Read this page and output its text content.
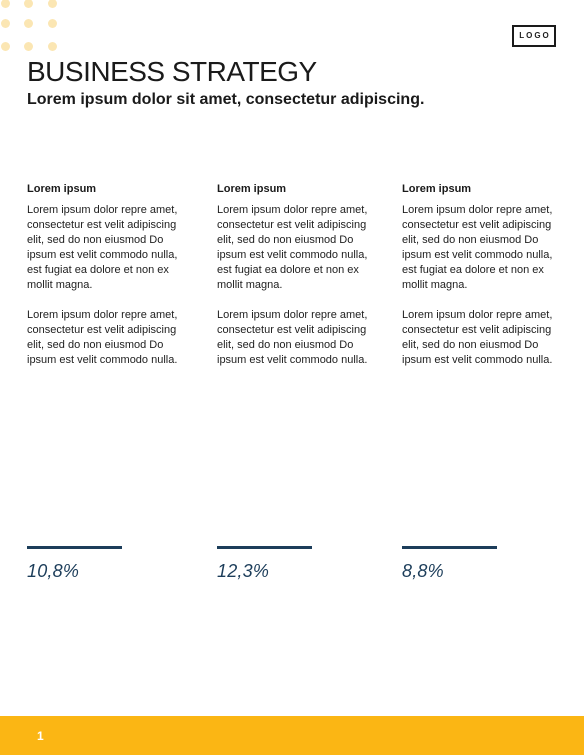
LOGO
BUSINESS STRATEGY
Lorem ipsum dolor sit amet, consectetur adipiscing.
Lorem ipsum

Lorem ipsum dolor repre amet, consectetur est velit adipiscing elit, sed do non eiusmod Do ipsum est velit commodo nulla, est fugiat ea dolore et non ex mollit magna.

Lorem ipsum dolor repre amet, consectetur est velit adipiscing elit, sed do non eiusmod Do ipsum est velit commodo nulla.

Lorem ipsum

Lorem ipsum dolor repre amet, consectetur est velit adipiscing elit, sed do non eiusmod Do ipsum est velit commodo nulla, est fugiat ea dolore et non ex mollit magna.

Lorem ipsum dolor repre amet, consectetur est velit adipiscing elit, sed do non eiusmod Do ipsum est velit commodo nulla.

Lorem ipsum

Lorem ipsum dolor repre amet, consectetur est velit adipiscing elit, sed do non eiusmod Do ipsum est velit commodo nulla, est fugiat ea dolore et non ex mollit magna.

Lorem ipsum dolor repre amet, consectetur est velit adipiscing elit, sed do non eiusmod Do ipsum est velit commodo nulla.

10,8%	12,3%	8,8%
1
